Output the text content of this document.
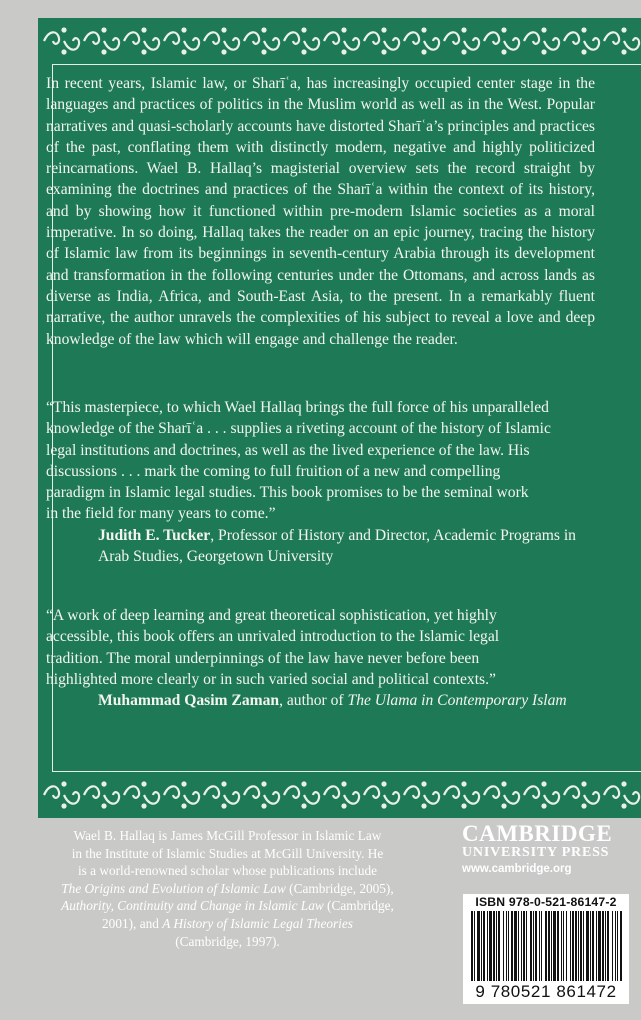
In recent years, Islamic law, or Sharīʿa, has increasingly occupied center stage in the languages and practices of politics in the Muslim world as well as in the West. Popular narratives and quasi-scholarly accounts have distorted Sharīʿa’s principles and practices of the past, conflating them with distinctly modern, negative and highly politicized reincarnations. Wael B. Hallaq’s magisterial overview sets the record straight by examining the doctrines and practices of the Sharīʿa within the context of its history, and by showing how it functioned within pre-modern Islamic societies as a moral imperative. In so doing, Hallaq takes the reader on an epic journey, tracing the history of Islamic law from its beginnings in seventh-century Arabia through its development and transformation in the following centuries under the Ottomans, and across lands as diverse as India, Africa, and South-East Asia, to the present. In a remarkably fluent narrative, the author unravels the complexities of his subject to reveal a love and deep knowledge of the law which will engage and challenge the reader.

“This masterpiece, to which Wael Hallaq brings the full force of his unparalleled
knowledge of the Sharīʿa . . . supplies a riveting account of the history of Islamic
legal institutions and doctrines, as well as the lived experience of the law. His
discussions . . . mark the coming to full fruition of a new and compelling
paradigm in Islamic legal studies. This book promises to be the seminal work
in the field for many years to come.”
Judith E. Tucker, Professor of History and Director, Academic Programs in
Arab Studies, Georgetown University
“A work of deep learning and great theoretical sophistication, yet highly
accessible, this book offers an unrivaled introduction to the Islamic legal
tradition. The moral underpinnings of the law have never before been
highlighted more clearly or in such varied social and political contexts.”
Muhammad Qasim Zaman, author of The Ulama in Contemporary Islam

Wael B. Hallaq is James McGill Professor in Islamic Law

in the Institute of Islamic Studies at McGill University. He

is a world-renowned scholar whose publications include

The Origins and Evolution of Islamic Law (Cambridge, 2005),

Authority, Continuity and Change in Islamic Law (Cambridge,

2001), and A History of Islamic Legal Theories

(Cambridge, 1997).

CAMBRIDGE
UNIVERSITY PRESS
www.cambridge.org
ISBN 978-0-521-86147-2
9 780521 861472
